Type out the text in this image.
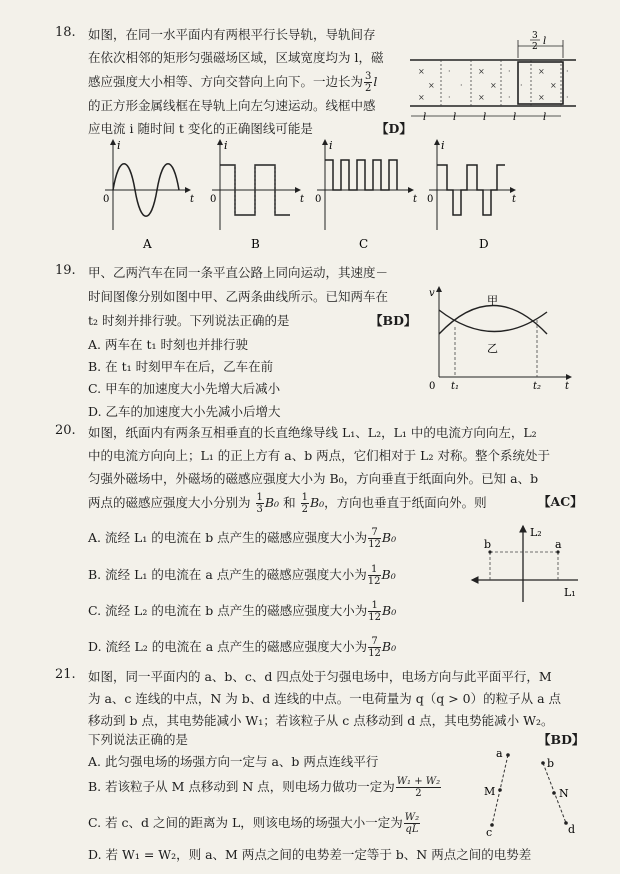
18. 如图，在同一水平面内有两根平行长导轨，导轨间存
在依次相邻的矩形匀强磁场区域，区域宽度均为 l，磁
感应强度大小相等、方向交替向上向下。一边长为 $\frac{3}{2}$ l
的正方形金属线框在导轨上向左匀速运动。线框中感
应电流 i 随时间 t 变化的正确图线可能是	【D】
×
×
×
·
·
·
×
×
×
·
·
·
×
×
×
·
·
3
2 l
l	l	l	l	l
i
0	t
A
i
0	t
B
i
0	t
C
i
0	t
D
19. 甲、乙两汽车在同一条平直公路上同向运动，其速度－
时间图像分别如图中甲、乙两条曲线所示。已知两车在
t₂ 时刻并排行驶。下列说法正确的是	【BD】
A. 两车在 t₁ 时刻也并排行驶
B. 在 t₁ 时刻甲车在后，乙车在前
C. 甲车的加速度大小先增大后减小
D. 乙车的加速度大小先减小后增大
v
甲
乙
0 t₁	t₂ t
20. 如图，纸面内有两条互相垂直的长直绝缘导线 L₁、L₂，L₁ 中的电流方向向左，L₂
中的电流方向向上；L₁ 的正上方有 a、b 两点，它们相对于 L₂ 对称。整个系统处于
匀强外磁场中，外磁场的磁感应强度大小为 B₀，方向垂直于纸面向外。已知 a、b
两点的磁感应强度大小分别为 $\frac{1}{3} B_0$ 和 $\frac{1}{2} B_0$，方向也垂直于纸面向外。则	【AC】
A. 流经 L₁ 的电流在 b 点产生的磁感应强度大小为 $\frac{7}{12} B_0$
B. 流经 L₁ 的电流在 a 点产生的磁感应强度大小为 $\frac{1}{12} B_0$
C. 流经 L₂ 的电流在 b 点产生的磁感应强度大小为 $\frac{1}{12} B_0$
D. 流经 L₂ 的电流在 a 点产生的磁感应强度大小为 $\frac{7}{12} B_0$
b	a
L₂
L₁
21. 如图，同一平面内的 a、b、c、d 四点处于匀强电场中，电场方向与此平面平行，M
为 a、c 连线的中点，N 为 b、d 连线的中点。一电荷量为 q（q > 0）的粒子从 a 点
移动到 b 点，其电势能减小 W₁；若该粒子从 c 点移动到 d 点，其电势能减小 W₂。
下列说法正确的是	【BD】
A. 此匀强电场的场强方向一定与 a、b 两点连线平行
B. 若该粒子从 M 点移动到 N 点，则电场力做功一定为 $\frac{\text{W₁ + W₂}}{2}$
C. 若 c、d 之间的距离为 L，则该电场的场强大小一定为 $\frac{\text{W₂}}{qL}$
D. 若 W₁ = W₂，则 a、M 两点之间的电势差一定等于 b、N 两点之间的电势差
a
b
c	d
M	N
